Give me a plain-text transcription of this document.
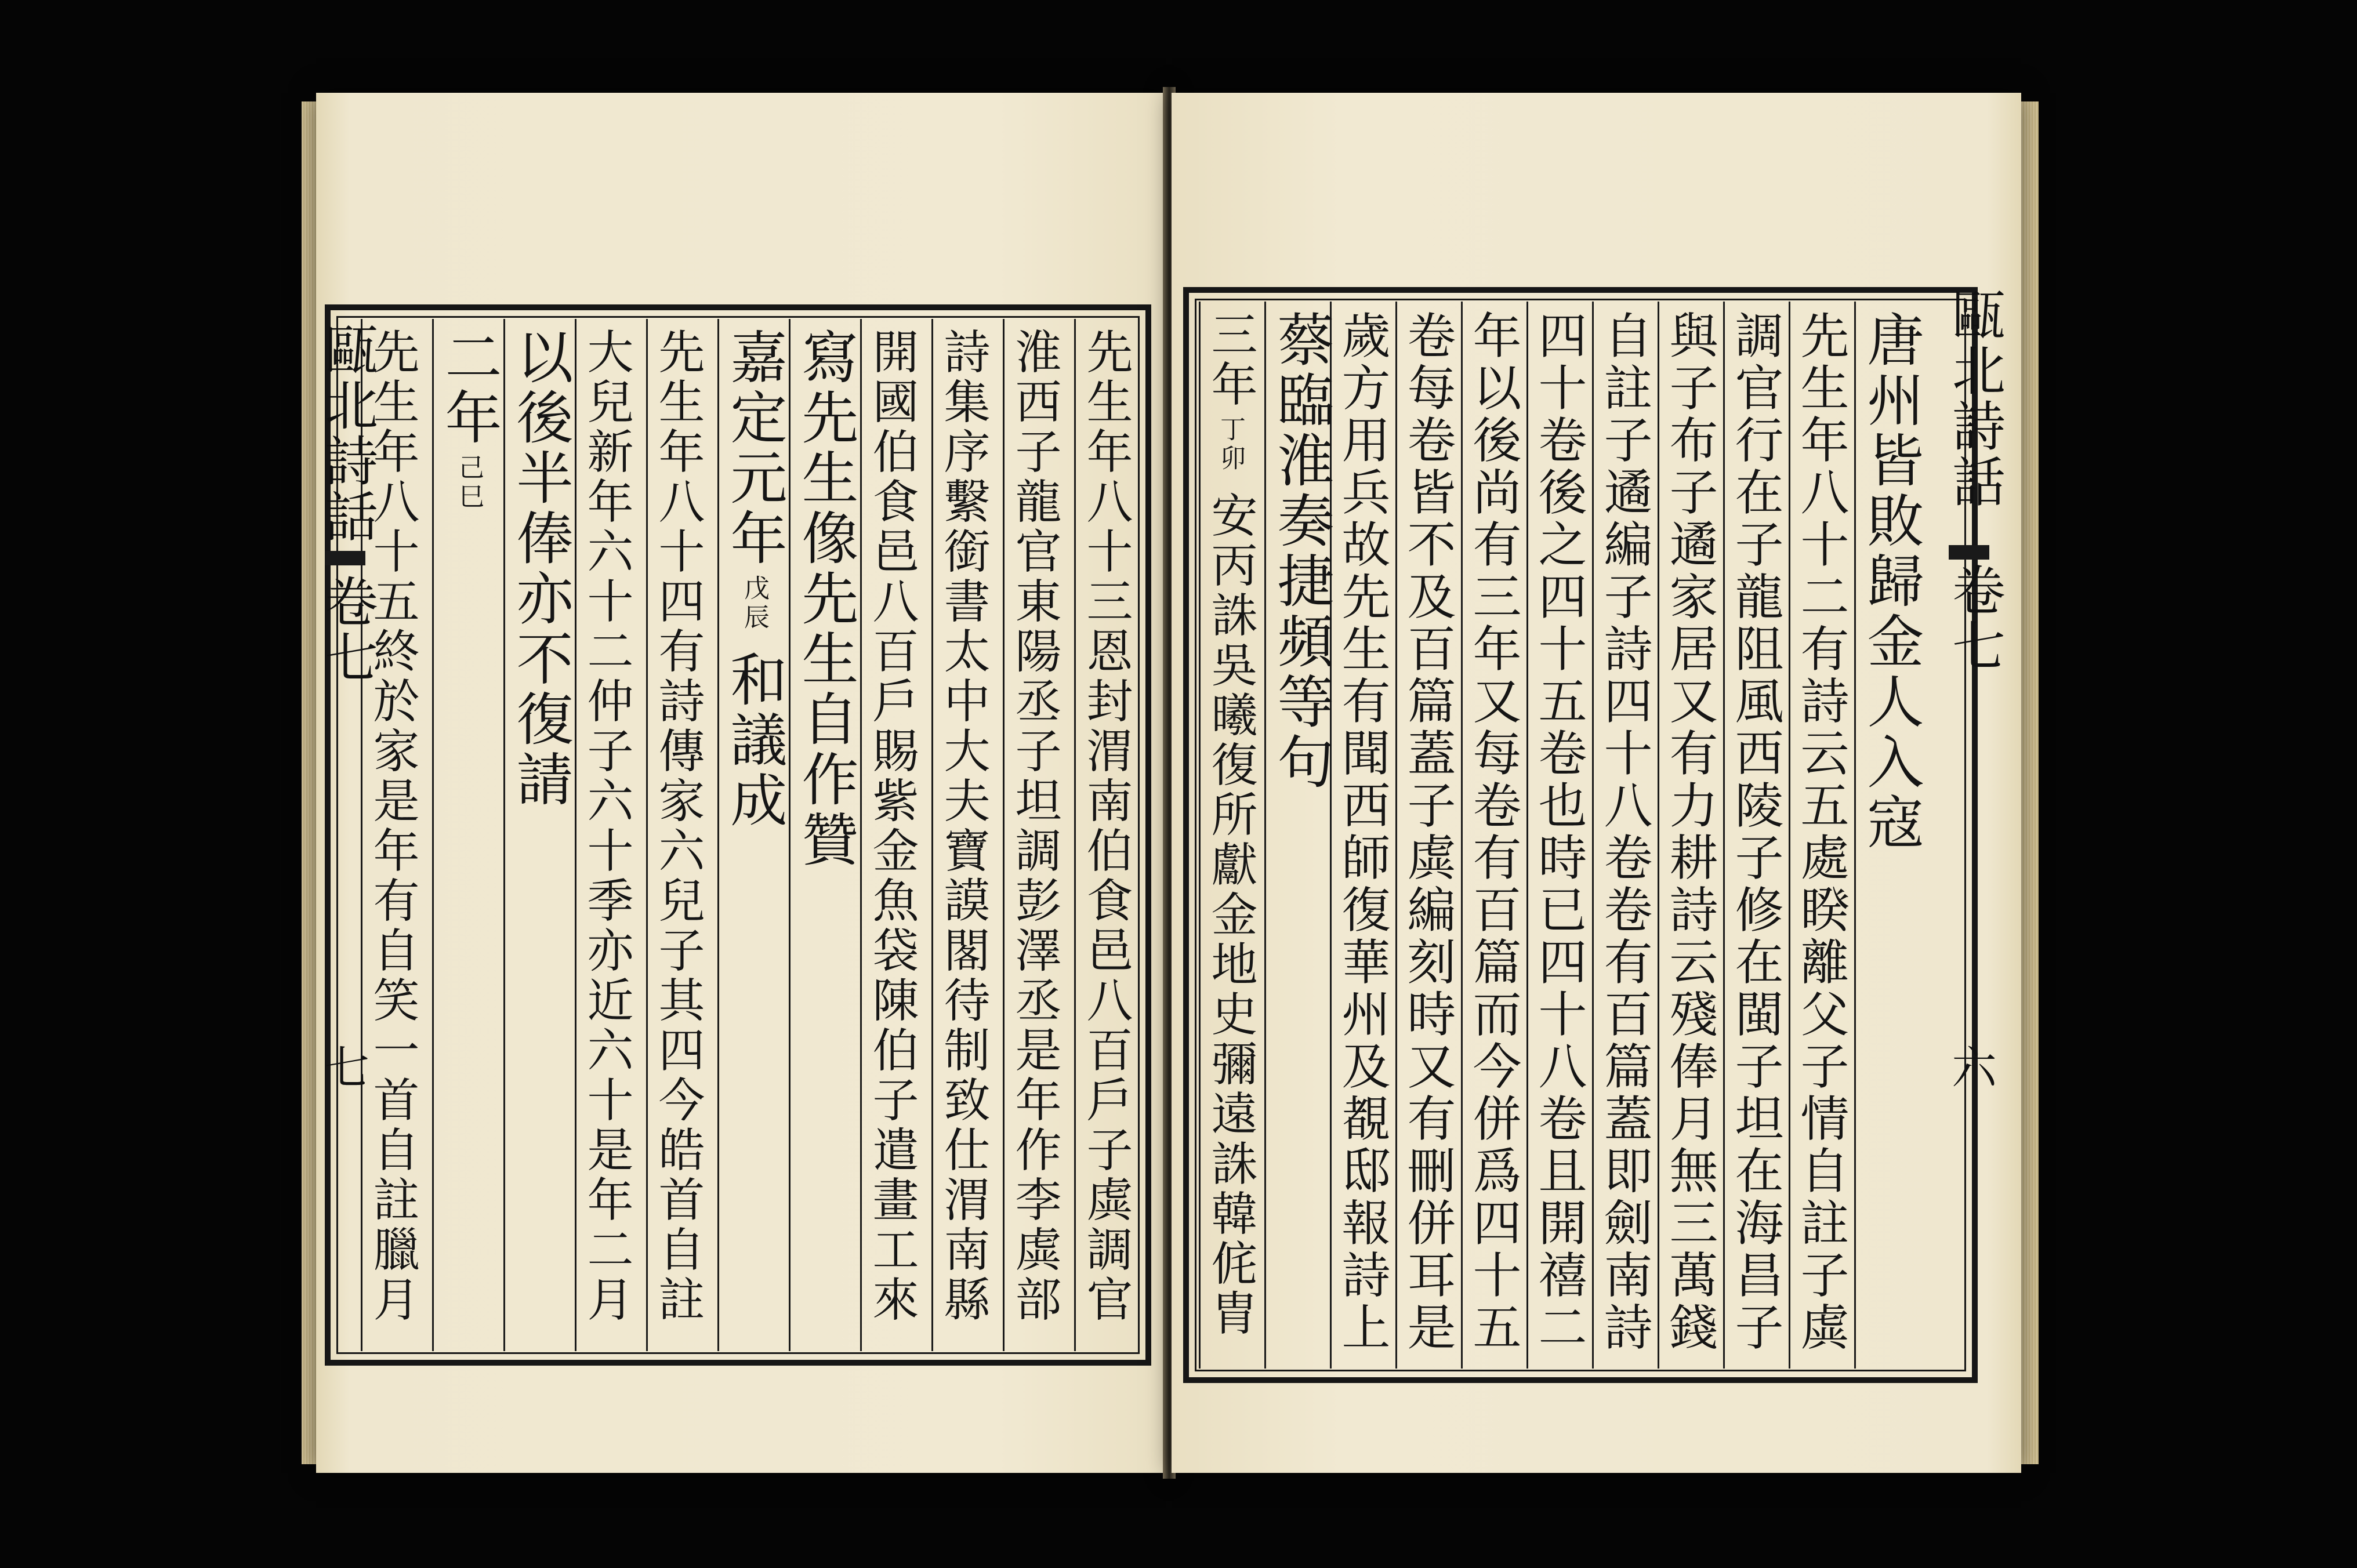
先生年八十三恩封渭南伯食邑八百戶子虡調官
淮西子龍官東陽丞子坦調彭澤丞是年作李虡部
詩集序繫銜書太中大夫寶謨閣待制致仕渭南縣
開國伯食邑八百戶賜紫金魚袋陳伯子遣畫工來
寫先生像先生自作贊
嘉定元年戊辰和議成
先生年八十四有詩傳家六兒子其四今皓首自註
大兒新年六十二仲子六十季亦近六十是年二月
以後半俸亦不復請
二年己巳
先生年八十五終於家是年有自笑一首自註臘月
甌北詩話
卷七
七
唐州皆敗歸金人入寇
先生年八十二有詩云五處睽離父子情自註子虡
調官行在子龍阻風西陵子修在閩子坦在海昌子
與子布子遹家居又有力耕詩云殘俸月無三萬錢
自註子遹編子詩四十八卷卷有百篇蓋即劍南詩
四十卷後之四十五卷也時已四十八卷且開禧二
年以後尚有三年又每卷有百篇而今併爲四十五
卷每卷皆不及百篇蓋子虡編刻時又有刪併耳是
歲方用兵故先生有聞西師復華州及覩邸報詩上
蔡臨淮奏捷頻等句
三年丁卯安丙誅吳曦復所獻金地史彌遠誅韓侂胄
甌北詩話
卷七
六
